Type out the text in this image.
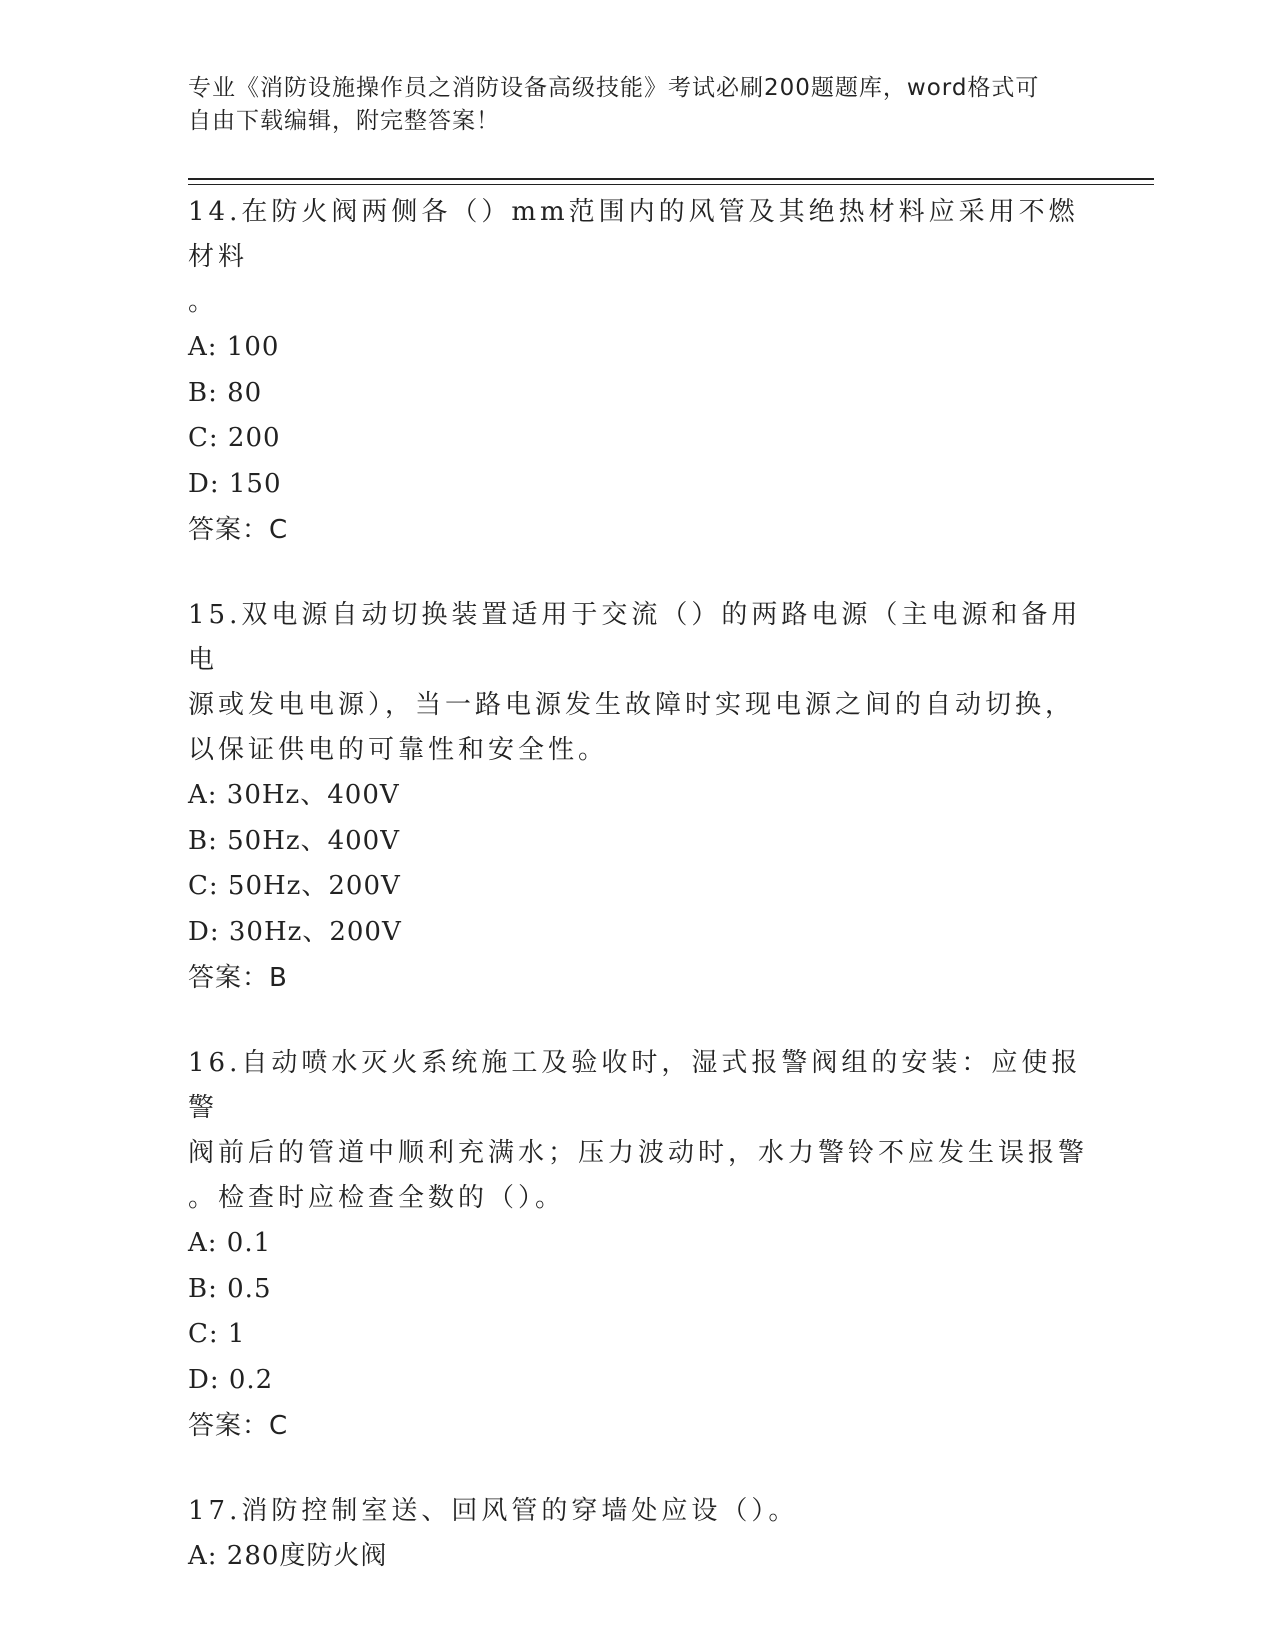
专业《消防设施操作员之消防设备高级技能》考试必刷200题题库，word格式可
自由下载编辑，附完整答案！
14.在防火阀两侧各（）mm范围内的风管及其绝热材料应采用不燃材料
。
A: 100
B: 80
C: 200
D: 150
答案：C
15.双电源自动切换装置适用于交流（）的两路电源（主电源和备用电
源或发电电源），当一路电源发生故障时实现电源之间的自动切换，
以保证供电的可靠性和安全性。
A: 30Hz、400V
B: 50Hz、400V
C: 50Hz、200V
D: 30Hz、200V
答案：B
16.自动喷水灭火系统施工及验收时，湿式报警阀组的安装：应使报警
阀前后的管道中顺利充满水；压力波动时，水力警铃不应发生误报警
。检查时应检查全数的（）。
A: 0.1
B: 0.5
C: 1
D: 0.2
答案：C
17.消防控制室送、回风管的穿墙处应设（）。
A: 280度防火阀
